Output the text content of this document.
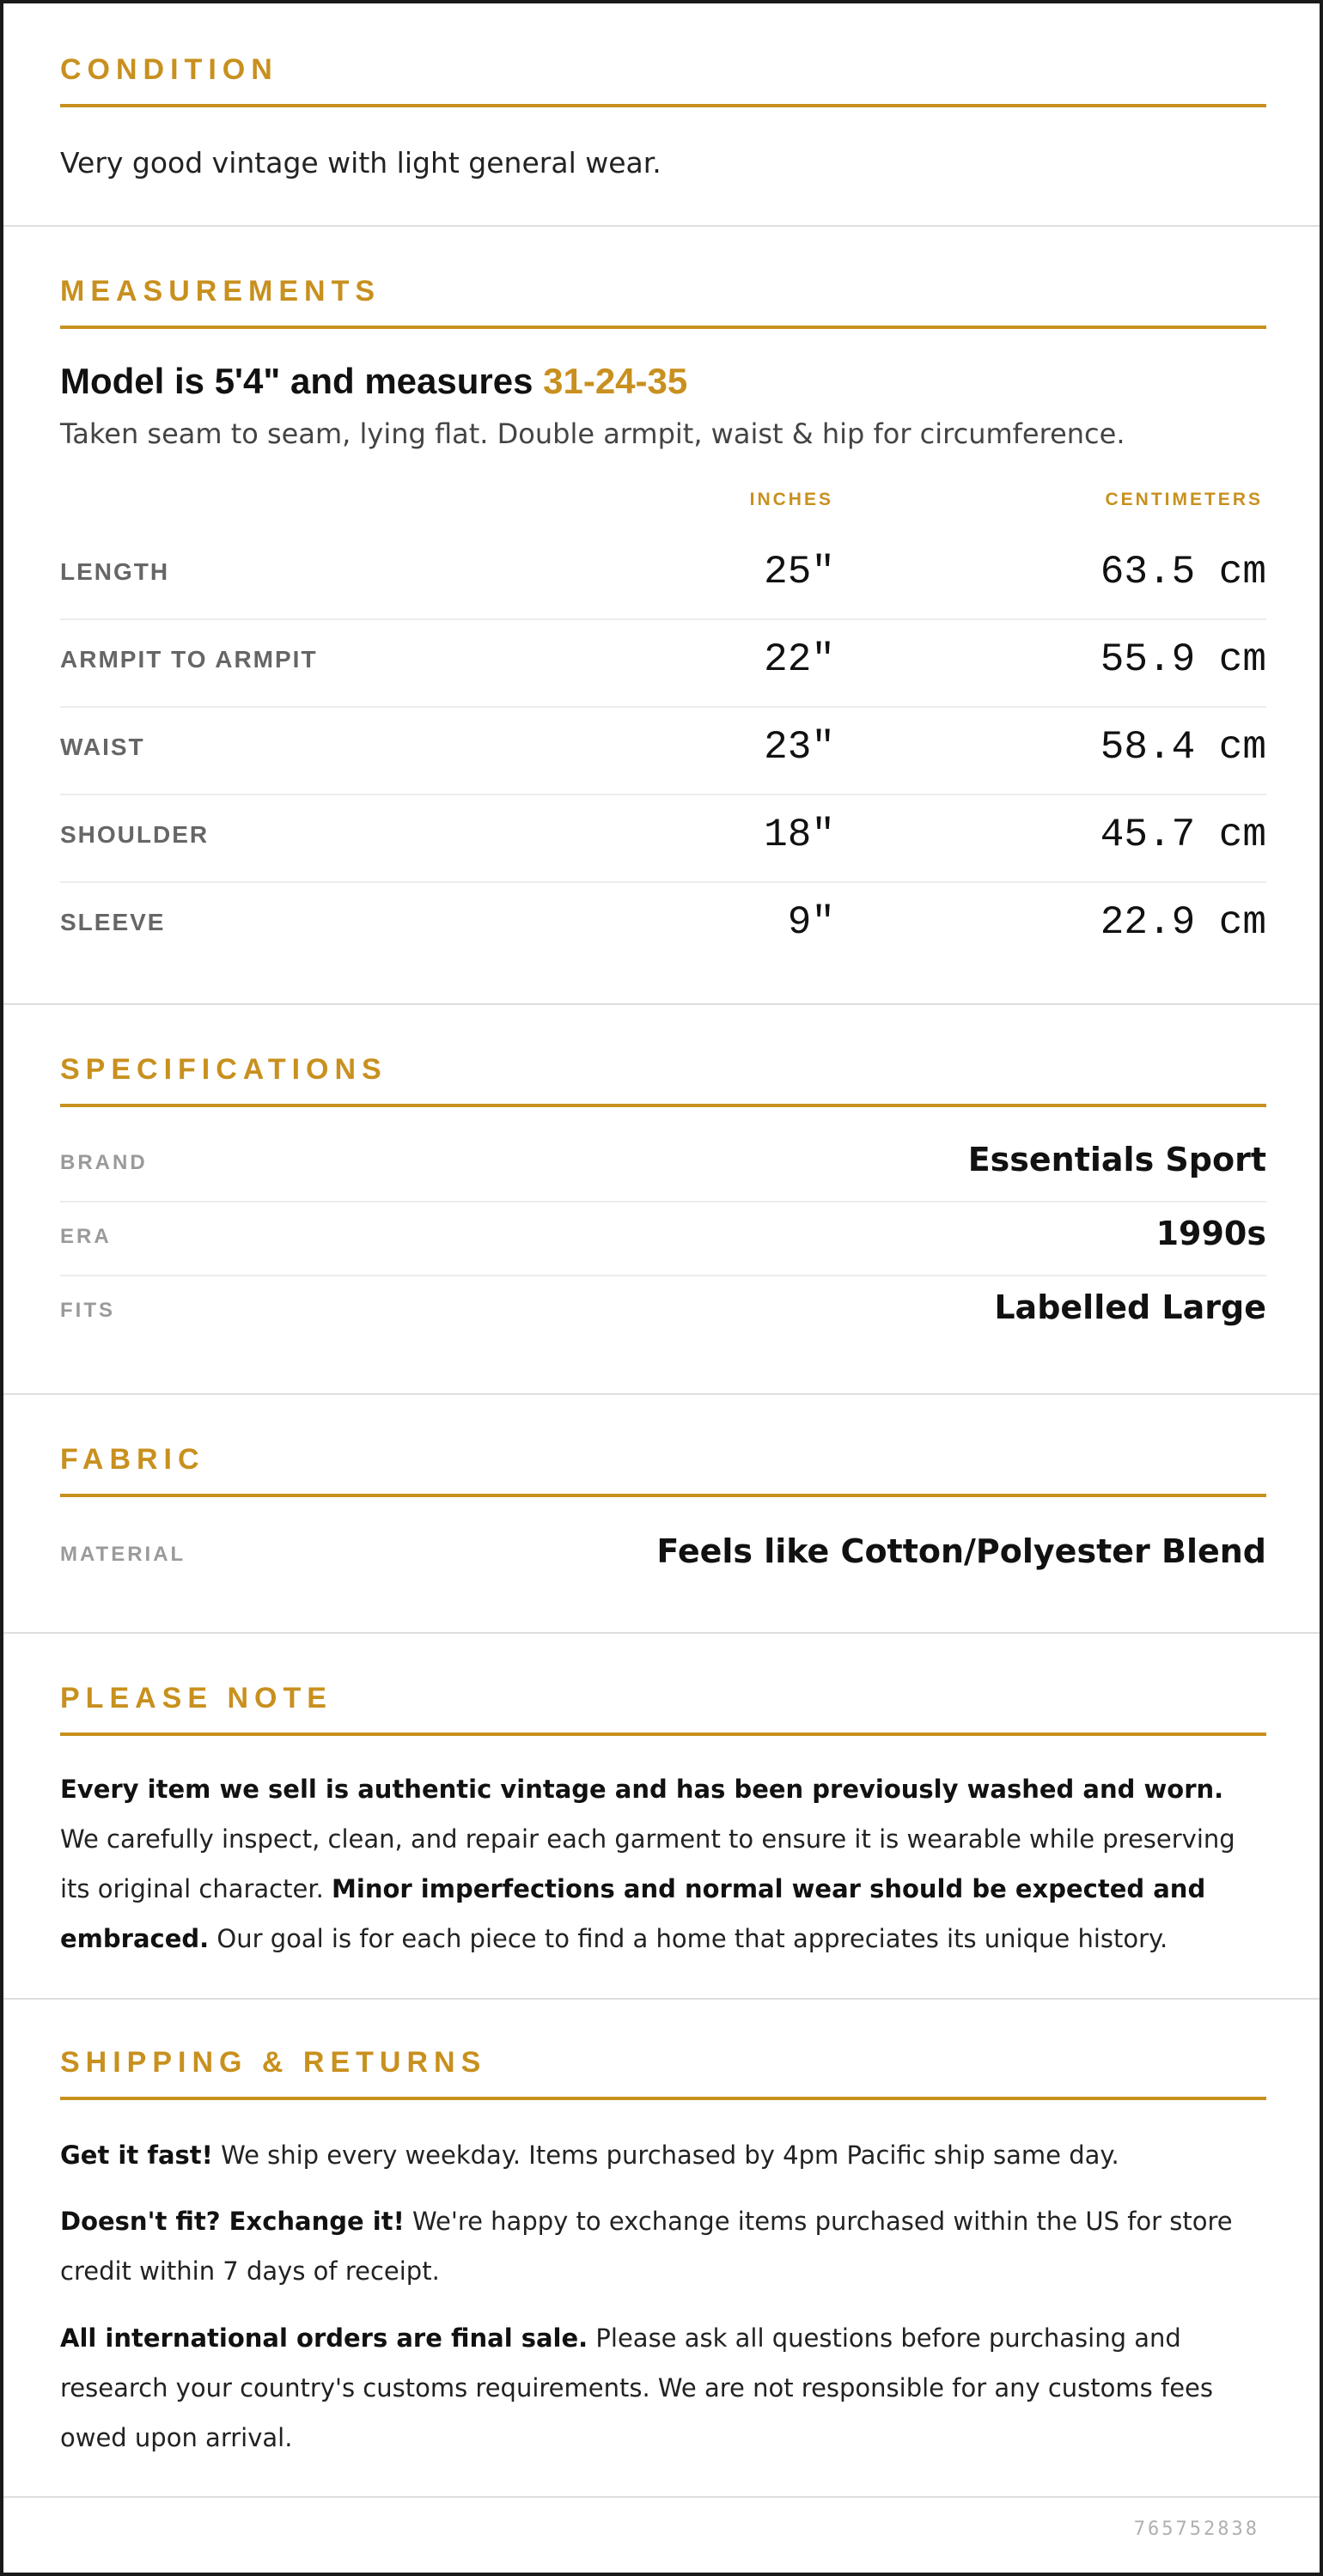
CONDITION
Very good vintage with light general wear.
MEASUREMENTS
Model is 5'4" and measures 31-24-35
Taken seam to seam, lying flat. Double armpit, waist & hip for circumference.
INCHES	CENTIMETERS
LENGTH	25"	63.5 cm
ARMPIT TO ARMPIT	22"	55.9 cm
WAIST	23"	58.4 cm
SHOULDER	18"	45.7 cm
SLEEVE	9"	22.9 cm
SPECIFICATIONS
BRAND	Essentials Sport
ERA	1990s
FITS	Labelled Large
FABRIC
MATERIAL	Feels like Cotton/Polyester Blend
PLEASE NOTE

Every item we sell is authentic vintage and has been previously washed and worn. We carefully inspect, clean, and repair each garment to ensure it is wearable while preserving its original character. Minor imperfections and normal wear should be expected and embraced. Our goal is for each piece to find a home that appreciates its unique history.

SHIPPING & RETURNS

Get it fast! We ship every weekday. Items purchased by 4pm Pacific ship same day.

Doesn't fit? Exchange it! We're happy to exchange items purchased within the US for store credit within 7 days of receipt.

All international orders are final sale. Please ask all questions before purchasing and research your country's customs requirements. We are not responsible for any customs fees owed upon arrival.

765752838
